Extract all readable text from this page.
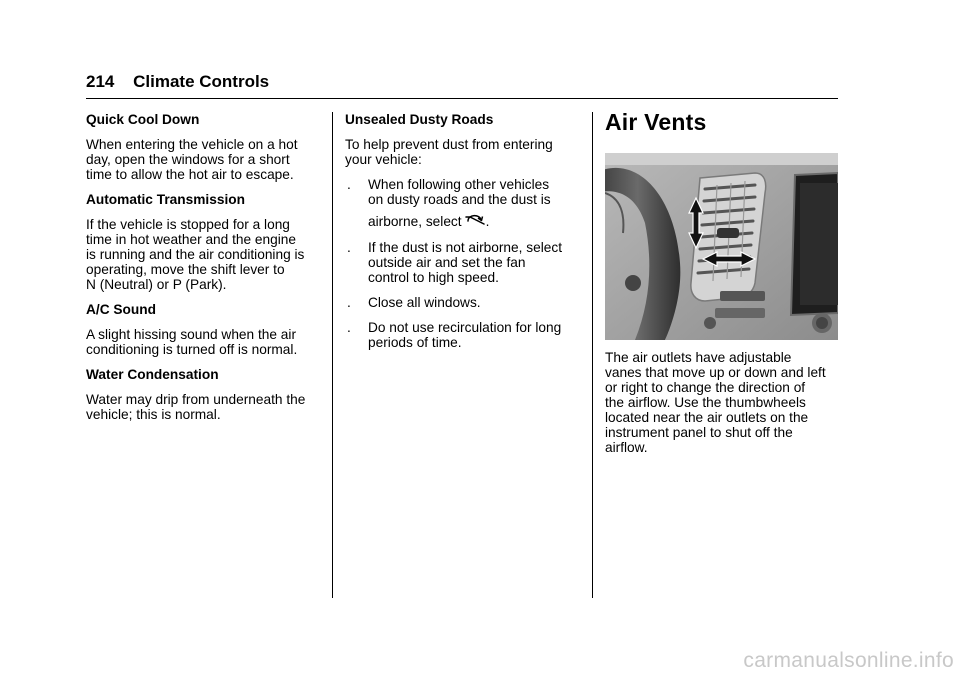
214 Climate Controls

Quick Cool Down

When entering the vehicle on a hot

day, open the windows for a short

time to allow the hot air to escape.

Automatic Transmission

If the vehicle is stopped for a long

time in hot weather and the engine

is running and the air conditioning is

operating, move the shift lever to

N (Neutral) or P (Park).

A/C Sound

A slight hissing sound when the air

conditioning is turned off is normal.

Water Condensation

Water may drip from underneath the

vehicle; this is normal.

Unsealed Dusty Roads

To help prevent dust from entering

your vehicle:

.	When following other vehicles

on dusty roads and the dust is

airborne, select .

.	If the dust is not airborne, select

outside air and set the fan

control to high speed.

.	Close all windows.

.	Do not use recirculation for long

periods of time.

Air Vents

The air outlets have adjustable

vanes that move up or down and left

or right to change the direction of

the airflow. Use the thumbwheels

located near the air outlets on the

instrument panel to shut off the

airflow.

carmanualsonline.info
